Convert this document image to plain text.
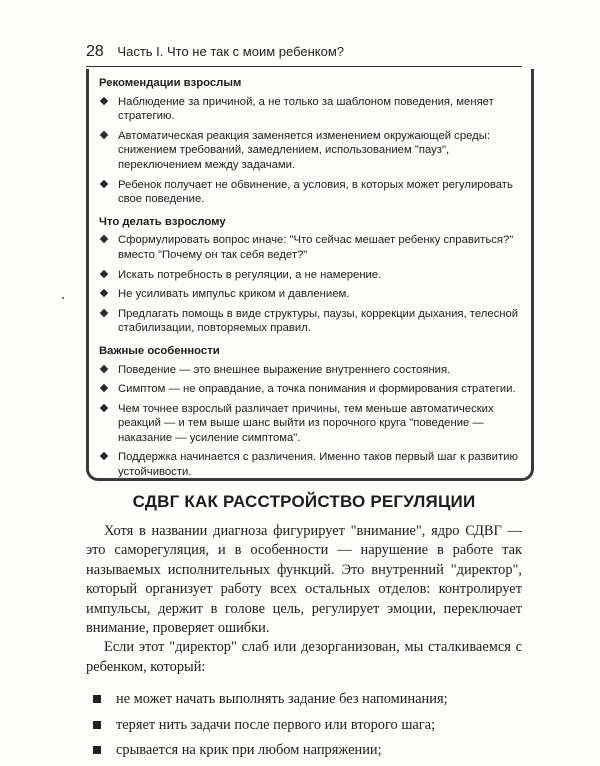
28 Часть I. Что не так с моим ребенком?

Рекомендации взрослым

Наблюдение за причиной, а не только за шаблоном поведения, меняет стратегию.
Автоматическая реакция заменяется изменением окружающей среды: снижением требований, замедлением, использованием "пауз", переключением между задачами.
Ребенок получает не обвинение, а условия, в которых может регулировать свое поведение.

Что делать взрослому

Сформулировать вопрос иначе: "Что сейчас мешает ребенку справиться?" вместо "Почему он так себя ведет?"
Искать потребность в регуляции, а не намерение.
Не усиливать импульс криком и давлением.
Предлагать помощь в виде структуры, паузы, коррекции дыхания, телесной стабилизации, повторяемых правил.

Важные особенности

Поведение — это внешнее выражение внутреннего состояния.
Симптом — не оправдание, а точка понимания и формирования стратегии.
Чем точнее взрослый различает причины, тем меньше автоматических реакций — и тем выше шанс выйти из порочного круга "поведение — наказание — усиление симптома".
Поддержка начинается с различения. Именно таков первый шаг к развитию устойчивости.
СДВГ КАК РАССТРОЙСТВО РЕГУЛЯЦИИ

Хотя в названии диагноза фигурирует "внимание", ядро СДВГ — это саморегуляция, и в особенности — нарушение в работе так называемых исполнительных функций. Это внутренний "директор", который организует работу всех остальных отделов: контролирует импульсы, держит в голове цель, регулирует эмоции, переключает внимание, проверяет ошибки.

Если этот "директор" слаб или дезорганизован, мы сталкиваемся с ребенком, который:

не может начать выполнять задание без напоминания;
теряет нить задачи после первого или второго шага;
срывается на крик при любом напряжении;
